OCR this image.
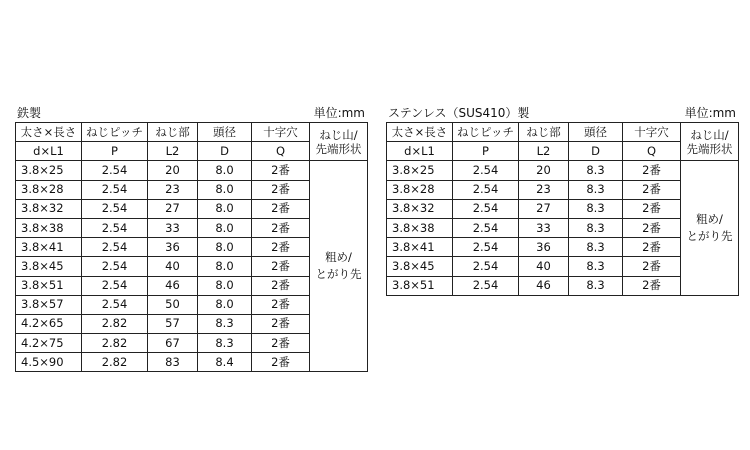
鉄製	単位:mm
太さ×長さ	ねじピッチ	ねじ部	頭径	十字穴	ねじ山/
先端形状
d×L1	P	L2	D	Q	
3.8×25	2.54	20	8.0	2番	粗め/
とがり先
3.8×28	2.54	23	8.0	2番	
3.8×32	2.54	27	8.0	2番	
3.8×38	2.54	33	8.0	2番	
3.8×41	2.54	36	8.0	2番	
3.8×45	2.54	40	8.0	2番	
3.8×51	2.54	46	8.0	2番	
3.8×57	2.54	50	8.0	2番	
4.2×65	2.82	57	8.3	2番	
4.2×75	2.82	67	8.3	2番	
4.5×90	2.82	83	8.4	2番	
ステンレス（SUS410）製	単位:mm
太さ×長さ	ねじピッチ	ねじ部	頭径	十字穴	ねじ山/
先端形状
d×L1	P	L2	D	Q	
3.8×25	2.54	20	8.3	2番	粗め/
とがり先
3.8×28	2.54	23	8.3	2番	
3.8×32	2.54	27	8.3	2番	
3.8×38	2.54	33	8.3	2番	
3.8×41	2.54	36	8.3	2番	
3.8×45	2.54	40	8.3	2番	
3.8×51	2.54	46	8.3	2番	
